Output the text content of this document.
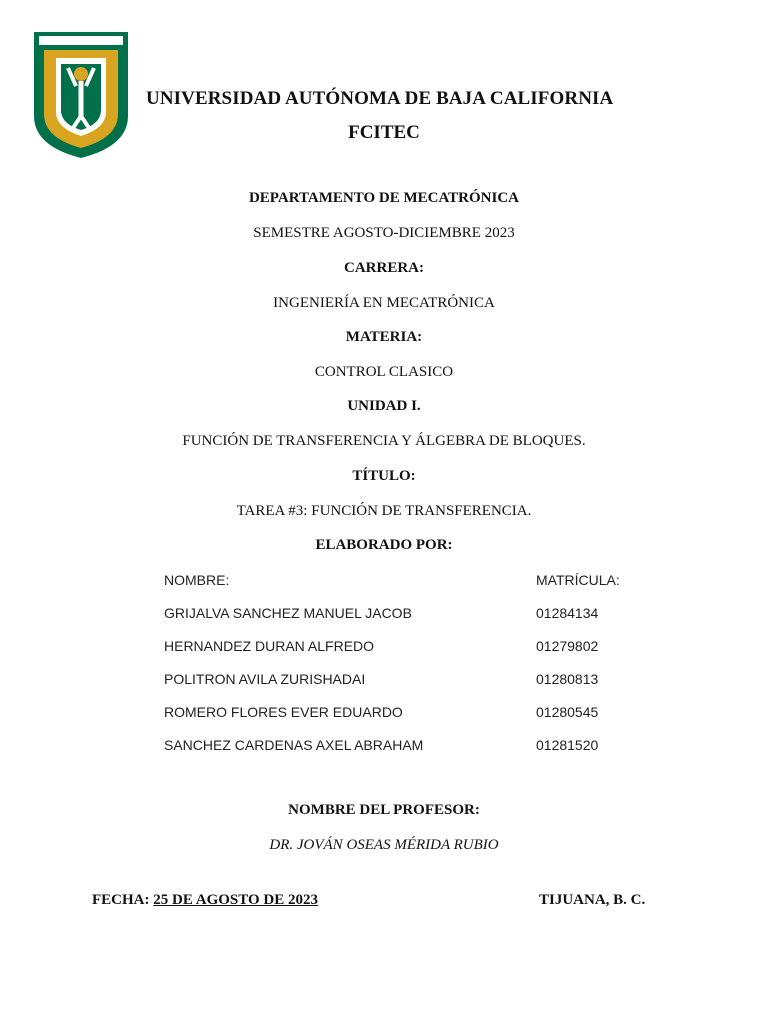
UNIVERSIDAD AUTÓNOMA DE BAJA CALIFORNIA
FCITEC
DEPARTAMENTO DE MECATRÓNICA
SEMESTRE AGOSTO-DICIEMBRE 2023
CARRERA:
INGENIERÍA EN MECATRÓNICA
MATERIA:
CONTROL CLASICO
UNIDAD I.
FUNCIÓN DE TRANSFERENCIA Y ÁLGEBRA DE BLOQUES.
TÍTULO:
TAREA #3: FUNCIÓN DE TRANSFERENCIA.
ELABORADO POR:
NOMBRE:	MATRÍCULA:
GRIJALVA SANCHEZ MANUEL JACOB	01284134
HERNANDEZ DURAN ALFREDO	01279802
POLITRON AVILA ZURISHADAI	01280813
ROMERO FLORES EVER EDUARDO	01280545
SANCHEZ CARDENAS AXEL ABRAHAM	01281520
NOMBRE DEL PROFESOR:
DR. JOVÁN OSEAS MÉRIDA RUBIO
FECHA: 25 DE AGOSTO DE 2023	TIJUANA, B. C.
